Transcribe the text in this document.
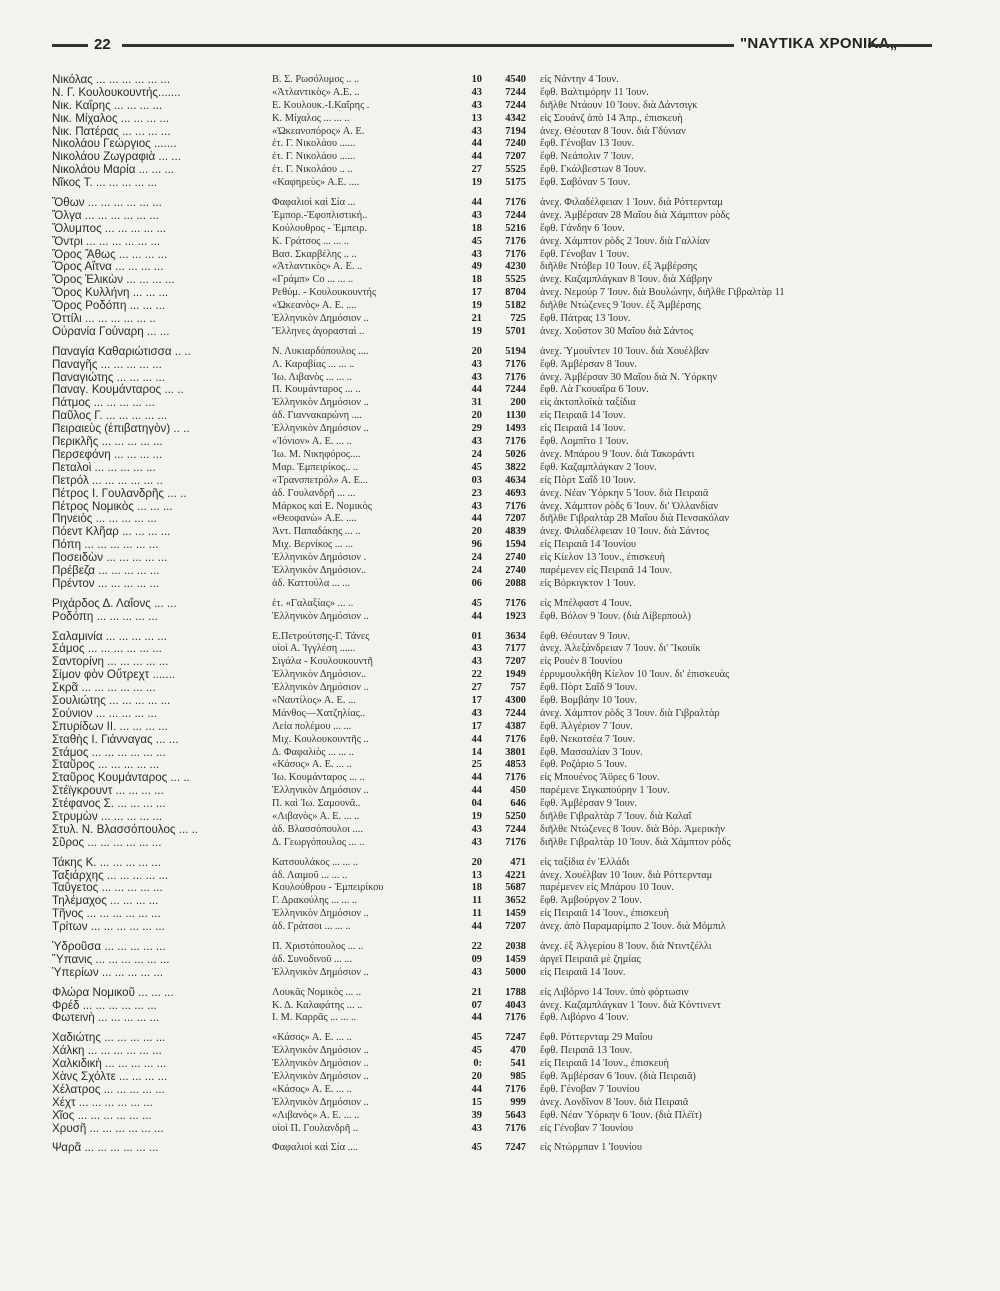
22	"ΝΑΥΤΙΚΑ ΧΡΟΝΙΚΑ„
Νικόλας ... ... ... ... ... ...	Β. Σ. Ρωσόλυμος .. ..	10	4540 εἰς Νάντην 4 Ἰουν.
Ν. Γ. Κουλουκουντής.......	«Ἀτλαντικὸς» Α.Ε. ..	43	7244 ἔφθ. Βαλτιμόρην 11 Ἰουν.
Νικ. Καΐρης ... ... ... ...	Ε. Κουλουκ.-Ι.Καΐρης .	43	7244 διῆλθε Ντάουν 10 Ἰουν. διὰ Δάντσιγκ
Νικ. Μίχαλος ... ... ... ...	Κ. Μίχαλος ... ... ..	13	4342 εἰς Σουάνζ ἀπὸ 14 Ἀπρ., ἐπισκευὴ
Νικ. Πατέρας ... ... ... ...	«Ὠκεανοπόρος» Α. Ε.	43	7194 ἀνεχ. Θέουταν 8 Ἰουν. διὰ Γδύνιαν
Νικολάου Γεώργιος .......	ἐτ. Γ. Νικολάου ......	44	7240 ἔφθ. Γένοβαν 13 Ἰουν.
Νικολάου Ζωγραφιὰ ... ...	ἐτ. Γ. Νικολάου ......	44	7207 ἔφθ. Νεάπολιν 7 Ἰουν.
Νικολάου Μαρία ... ... ...	ἐτ. Γ. Νικολάου .. ..	27	5525 ἔφθ. Γκάλβεστων 8 Ἰουν.
Νῖκος Τ. ... ... ... ... ...	«Καφηρεὺς» Α.Ε. ....	19	5175 ἔφθ. Σαβόναν 5 Ἰουν.
Ὄθων ... ... ... ... ... ...	Φαφαλιοὶ καὶ Σία ...	44	7176 ἀνεχ. Φιλαδέλφειαν 1 Ἰουν. διὰ Ρόττερνταμ
Ὄλγα ... ... ... ... ... ...	Ἐμπορ.-Ἐφοπλιστική..	43	7244 ἀνεχ. Ἀμβέρσαν 28 Μαΐου διὰ Χάμπτον ρὸδς
Ὄλυμπος ... ... ... ... ...	Κούλουθρος - Ἐμπειρ.	18	5216 ἔφθ. Γάνδην 6 Ἰουν.
Ὄντρι ... ... ... ... ... ...	Κ. Γράτσος ... ... ..	45	7176 ἀνεχ. Χάμπτον ρὸδς 2 Ἰουν. διὰ Γαλλίαν
Ὄρος Ἄθως ... ... ... ...	Βασ. Σκαρβέλης .. ..	43	7176 ἔφθ. Γένοβαν 1 Ἰουν.
Ὄρος Αἴτνα ... ... ... ...	«Ἀτλαντικὸς» Α. Ε. ..	49	4230 διῆλθε Ντόβερ 10 Ἰουν. ἐξ Ἀμβέρσης
Ὄρος Ἑλικὼν ... ... ... ...	«Γράμπ» Co ... ... ..	18	5525 ἀνεχ. Καζαμπλάγκαν 8 Ἰουν. διὰ Χάβρην
Ὄρος Κυλλήνη ... ... ...	Ρεθύμ. - Κουλουκουντής	17	8704 ἀνεχ. Νεμούρ 7 Ἰουν. διὰ Βουλώνην, διῆλθε Γιβραλτὰρ 11
Ὄρος Ροδόπη ... ... ...	«Ὠκεανὸς» Α. Ε. ....	19	5182 διῆλθε Ντώζενες 9 Ἰουν. ἐξ Ἀμβέρσης
Ὀττίλι ... ... ... ... ... ..	Ἑλληνικὸν Δημόσιον ..	21	725 ἔφθ. Πάτρας 13 Ἰουν.
Οὐρανία Γούναρη ... ...	Ἕλληνες ἀγορασταὶ ..	19	5701 ἀνεχ. Χοῦστον 30 Μαΐου διὰ Σάντος
Παναγία Καθαριώτισσα .. ..	Ν. Λυκιαρδόπουλος ....	20	5194 ἀνεχ. Ὑμουῖντεν 10 Ἰουν. διὰ Χουέλβαν
Παναγῆς ... ... ... ... ...	Λ. Καραβίας ... ... ..	43	7176 ἔφθ. Ἀμβέρσαν 8 Ἰουν.
Παναγιώτης ... ... ... ...	Ἰω. Λιβανὸς ... ... ..	43	7176 ἀνεχ. Ἀμβέρσαν 30 Μαΐου διὰ Ν. Ὑόρκην
Παναγ. Κουμάνταρος ... ..	Π. Κουμάνταρος ... ..	44	7244 ἔφθ. Λὰ Γκουαΐρα 6 Ἰουν.
Πάτμος ... ... ... ... ...	Ἑλληνικὸν Δημόσιον ..	31	200 εἰς ἀκτοπλοϊκὰ ταξίδια
Παῦλος Γ. ... ... ... ... ...	ἀδ. Γιαννακαρώνη ....	20	1130 εἰς Πειραιᾶ 14 Ἰουν.
Πειραιεὺς (ἐπιβατηγὸν) .. ..	Ἑλληνικὸν Δημόσιον ..	29	1493 εἰς Πειραιᾶ 14 Ἰουν.
Περικλῆς ... ... ... ... ...	«Ἰόνιον» Α. Ε. ... ..	43	7176 ἔφθ. Λομπῖτο 1 Ἰουν.
Περσεφόνη ... ... ... ...	Ἰω. Μ. Νικηφόρος....	24	5026 ἀνεχ. Μπάρου 9 Ἰουν. διὰ Τακοράντι
Πεταλοὶ ... ... ... ... ...	Μαρ. Ἐμπειρίκος.. ..	45	3822 ἔφθ. Καζαμπλάγκαν 2 Ἰουν.
Πετρόλ ... ... ... ... ... ..	«Τρανσπετρόλ» Α. Ε...	03	4634 εἰς Πὸρτ Σαΐδ 10 Ἰουν.
Πέτρος Ι. Γουλανδρῆς ... ..	ἀδ. Γουλανδρῆ ... ...	23	4693 ἀνεχ. Νέαν Ὑόρκην 5 Ἰουν. διὰ Πειραιᾶ
Πέτρος Νομικὸς ... ... ...	Μάρκος καὶ Ε. Νομικὸς	43	7176 ἀνεχ. Χάμπτον ρὸδς 6 Ἰουν. δι' Ὀλλανδίαν
Πηνειὸς ... ... ... ... ...	«Θεοφανὼ» Α.Ε. ....	44	7207 διῆλθε Γιβραλτὰρ 28 Μαΐου διὰ Πενσακόλαν
Πόεντ Κλῆαρ ... ... ... ...	Ἀντ. Παπαδάκης ... ..	20	4839 ἀνεχ. Φιλαδέλφειαν 10 Ἰουν. διὰ Σάντος
Πόπη ... ... ... ... ... ...	Μιχ. Βερνίκος ... ...	96	1594 εἰς Πειραιᾶ 14 Ἰουνίου
Ποσειδὼν ... ... ... ... ...	Ἑλληνικὸν Δημόσιον .	24	2740 εἰς Κίελον 13 Ἰουν., ἐπισκευὴ
Πρέβεζα ... ... ... ... ...	Ἑλληνικὸν Δημόσιον..	24	2740 παρέμενεν εἰς Πειραιᾶ 14 Ἰουν.
Πρέντον ... ... ... ... ...	ἀδ. Καττούλα ... ...	06	2088 εἰς Βόρκιγκτον 1 Ἰουν.
Ριχάρδος Δ. Λαΐονς ... ...	ἐτ. «Γαλαξίας» ... ..	45	7176 εἰς Μπέλφαστ 4 Ἰουν.
Ροδόπη ... ... ... ... ...	Ἑλληνικὸν Δημόσιον ..	44	1923 ἔφθ. Βόλον 9 Ἰουν. (διὰ Λίβερπουλ)
Σαλαμινία ... ... ... ... ...	Ε.Πετρούτσης-Γ. Τάνες	01	3634 ἔφθ. Θέουταν 9 Ἰουν.
Σάμος ... ... ... ... ... ...	υἱοὶ Α. Ἰγγλέση ......	43	7177 ἀνεχ. Ἀλεξάνδρειαν 7 Ἰουν. δι' Ἴκουϊκ
Σαντορίνη ... ... ... ... ...	Σιγάλα - Κουλουκουντῆ	43	7207 εἰς Ρουὲν 8 Ἰουνίου
Σίμον φὸν Οὔτρεχτ .......	Ἑλληνικὸν Δημόσιον..	22	1949 ἐρρυμουλκήθη Κίελον 10 Ἰουν. δι' ἐπισκευὰς
Σκρᾶ ... ... ... ... ... ...	Ἑλληνικὸν Δημόσιον ..	27	757 ἔφθ. Πὸρτ Σαΐδ 9 Ἰουν.
Σουλιώτης ... ... ... ... ...	«Ναυτίλος» Α. Ε. ...	17	4300 ἔφθ. Βομβάην 10 Ἰουν.
Σούνιον ... ... ... ... ...	Μάνθος—Χατζηλίας..	43	7244 ἀνεχ. Χάμπτον ρὸδς 3 Ἰουν. διὰ Γιβραλτὰρ
Σπυρίδων ΙΙ. ... ... ... ...	Λεία πολέμου ... ...	17	4387 ἔφθ. Ἀλγέριον 7 Ἰουν.
Σταθὴς Ι. Γιάνναγας ... ...	Μιχ. Κουλουκουντῆς ..	44	7176 ἔφθ. Νεκοτσέα 7 Ἰουν.
Στάμος ... ... ... ... ... ...	Δ. Φαφαλιὸς ... ... ..	14	3801 ἔφθ. Μασσαλίαν 3 Ἰουν.
Σταῦρος ... ... ... ... ...	«Κάσος» Α. Ε. ... ..	25	4853 ἔφθ. Ροζάριο 5 Ἰουν.
Σταῦρος Κουμάνταρος ... ..	Ἰω. Κουμάνταρος ... ..	44	7176 εἰς Μπουένος Ἄϋρες 6 Ἰουν.
Στέϊγκρουντ ... ... ... ...	Ἑλληνικὸν Δημόσιον ..	44	450 παρέμενε Σιγκαπούρην 1 Ἰουν.
Στέφανος Σ. ... ... ... ...	Π. καὶ Ἰω. Σαμουνᾶ..	04	646 ἔφθ. Ἀμβέρσαν 9 Ἰουν.
Στρυμὼν ... ... ... ... ...	«Λιβανὸς» Α. Ε. ... ..	19	5250 διῆλθε Γιβραλτὰρ 7 Ἰουν. διὰ Καλαΐ
Στυλ. Ν. Βλασσόπουλος ... ..	ἀδ. Βλασσόπουλοι ....	43	7244 διῆλθε Ντώζενες 8 Ἰουν. διὰ Βόρ. Ἀμερικὴν
Σῦρος ... ... ... ... ... ...	Δ. Γεωργόπουλος ... ..	43	7176 διῆλθε Γιβραλτὰρ 10 Ἰουν. διὰ Χάμπτον ρὸδς
Τάκης Κ. ... ... ... ... ...	Κατσουλάκος ... ... ..	20	471 εἰς ταξίδια ἐν Ἑλλάδι
Ταξιάρχης ... ... ... ... ...	ἀδ. Λαιμοῦ ... ... ..	13	4221 ἀνεχ. Χουέλβαν 10 Ἰουν. διὰ Ρόττερνταμ
Ταΰγετος ... ... ... ... ...	Κουλούθρου - Ἐμπειρίκου	18	5687 παρέμενεν εἰς Μπάρου 10 Ἰουν.
Τηλέμαχος ... ... ... ...	Γ. Δρακούλης ... ... ..	11	3652 ἔφθ. Ἀμβούργον 2 Ἰουν.
Τῆνος ... ... ... ... ... ...	Ἑλληνικὸν Δημόσιον ..	11	1459 εἰς Πειραιᾶ 14 Ἰουν., ἐπισκευὴ
Τρίτων ... ... ... ... ... ...	ἀδ. Γράτσοι ... ... ..	44	7207 ἀνεχ. ἀπὸ Παραμαρίμπο 2 Ἰουν. διὰ Μόμπιλ
Ὑδροῦσα ... ... ... ... ...	Π. Χριστόπουλος ... ..	22	2038 ἀνεχ. ἐξ Ἀλγερίου 8 Ἰουν. διὰ Ντιντζέλλι
Ὕπανις ... ... ... ... ... ...	ἀδ. Συνοδινοῦ ... ...	09	1459 ἀργεῖ Πειραιᾶ μὲ ζημίας
Ὑπερίων ... ... ... ... ...	Ἑλληνικὸν Δημόσιον ..	43	5000 εἰς Πειραιᾶ 14 Ἰουν.
Φλώρα Νομικοῦ ... ... ...	Λουκᾶς Νομικὸς ... ..	21	1788 εἰς Λιβόρνο 14 Ἰουν. ὑπὸ φόρτωσιν
Φρέδ ... ... ... ... ... ...	Κ. Δ. Καλαφάτης ... ..	07	4043 ἀνεχ. Καζαμπλάγκαν 1 Ἰουν. διὰ Κόντινεντ
Φωτεινὴ ... ... ... ... ...	Ι. Μ. Καρρᾶς ... ... ..	44	7176 ἔφθ. Λιβόρνο 4 Ἰουν.
Χαδιώτης ... ... ... ... ...	«Κάσος» Α. Ε. ... ..	45	7247 ἔφθ. Ρόττερνταμ 29 Μαΐου
Χάλκη ... ... ... ... ... ...	Ἑλληνικὸν Δημόσιον ..	45	470 ἔφθ. Πειραιᾶ 13 Ἰουν.
Χαλκιδικὴ ... ... ... ... ...	Ἑλληνικὸν Δημόσιον ..	0:	541 εἰς Πειραιᾶ 14 Ἰουν., ἐπισκευὴ
Χὰνς Σχόλτε ... ... ... ...	Ἑλληνικὸν Δημόσιον ..	20	985 ἔφθ. Ἀμβέρσαν 6 Ἰουν. (διὰ Πειραιᾶ)
Χέλατρος ... ... ... ... ...	«Κάσος» Α. Ε. ... ..	44	7176 ἔφθ. Γένοβαν 7 Ἰουνίου
Χέχτ ... ... ... ... ... ...	Ἑλληνικὸν Δημόσιον ..	15	999 ἀνεχ. Λονδῖνον 8 Ἰουν. διὰ Πειραιᾶ
Χῖος ... ... ... ... ... ...	«Λιβανὸς» Α. Ε. ... ..	39	5643 ἔφθ. Νέαν Ὑόρκην 6 Ἰουν. (διὰ Πλέϊτ)
Χρυσῆ ... ... ... ... ... ...	υἱοὶ Π. Γουλανδρῆ ..	43	7176 εἰς Γένοβαν 7 Ἰουνίου
Ψαρᾶ ... ... ... ... ... ...	Φαφαλιοὶ καὶ Σία ....	45	7247 εἰς Ντώρμπαν 1 Ἰουνίου
